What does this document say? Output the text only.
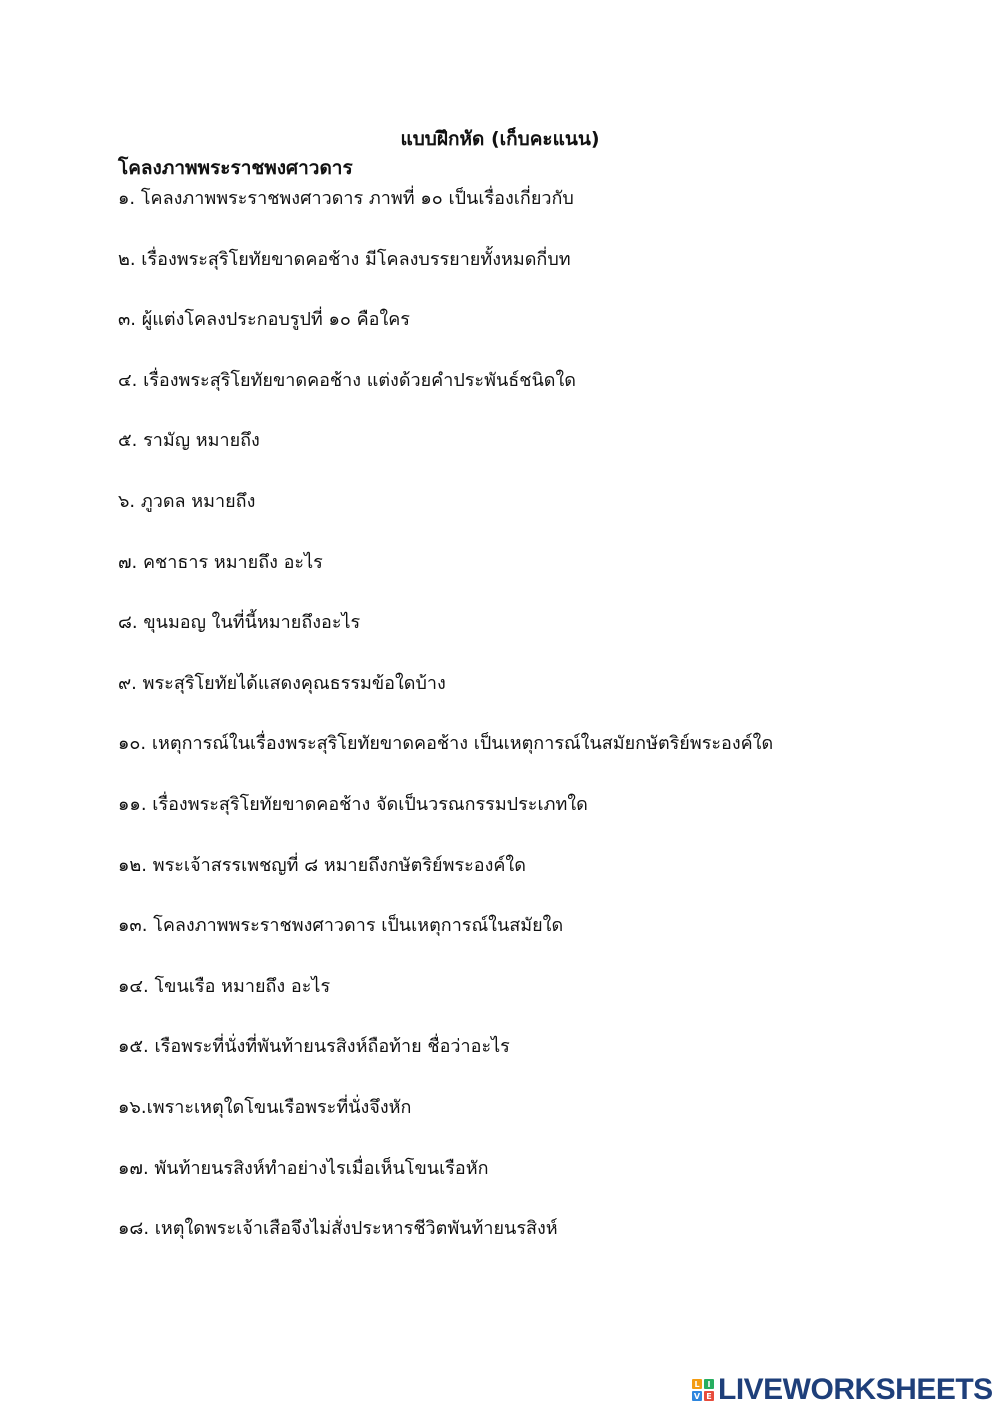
แบบฝึกหัด (เก็บคะแนน)
โคลงภาพพระราชพงศาวดาร
๑. โคลงภาพพระราชพงศาวดาร ภาพที่ ๑๐ เป็นเรื่องเกี่ยวกับ
๒. เรื่องพระสุริโยทัยขาดคอช้าง มีโคลงบรรยายทั้งหมดกี่บท
๓. ผู้แต่งโคลงประกอบรูปที่ ๑๐ คือใคร
๔. เรื่องพระสุริโยทัยขาดคอช้าง แต่งด้วยคำประพันธ์ชนิดใด
๕. รามัญ หมายถึง
๖. ภูวดล หมายถึง
๗. คชาธาร หมายถึง อะไร
๘. ขุนมอญ ในที่นี้หมายถึงอะไร
๙. พระสุริโยทัยได้แสดงคุณธรรมข้อใดบ้าง
๑๐. เหตุการณ์ในเรื่องพระสุริโยทัยขาดคอช้าง เป็นเหตุการณ์ในสมัยกษัตริย์พระองค์ใด
๑๑. เรื่องพระสุริโยทัยขาดคอช้าง จัดเป็นวรณกรรมประเภทใด
๑๒. พระเจ้าสรรเพชญที่ ๘ หมายถึงกษัตริย์พระองค์ใด
๑๓. โคลงภาพพระราชพงศาวดาร เป็นเหตุการณ์ในสมัยใด
๑๔. โขนเรือ หมายถึง อะไร
๑๕. เรือพระที่นั่งที่พันท้ายนรสิงห์ถือท้าย ชื่อว่าอะไร
๑๖.เพราะเหตุใดโขนเรือพระที่นั่งจึงหัก
๑๗. พันท้ายนรสิงห์ทำอย่างไรเมื่อเห็นโขนเรือหัก
๑๘. เหตุใดพระเจ้าเสือจึงไม่สั่งประหารชีวิตพันท้ายนรสิงห์
L I
V E LIVEWORKSHEETS
